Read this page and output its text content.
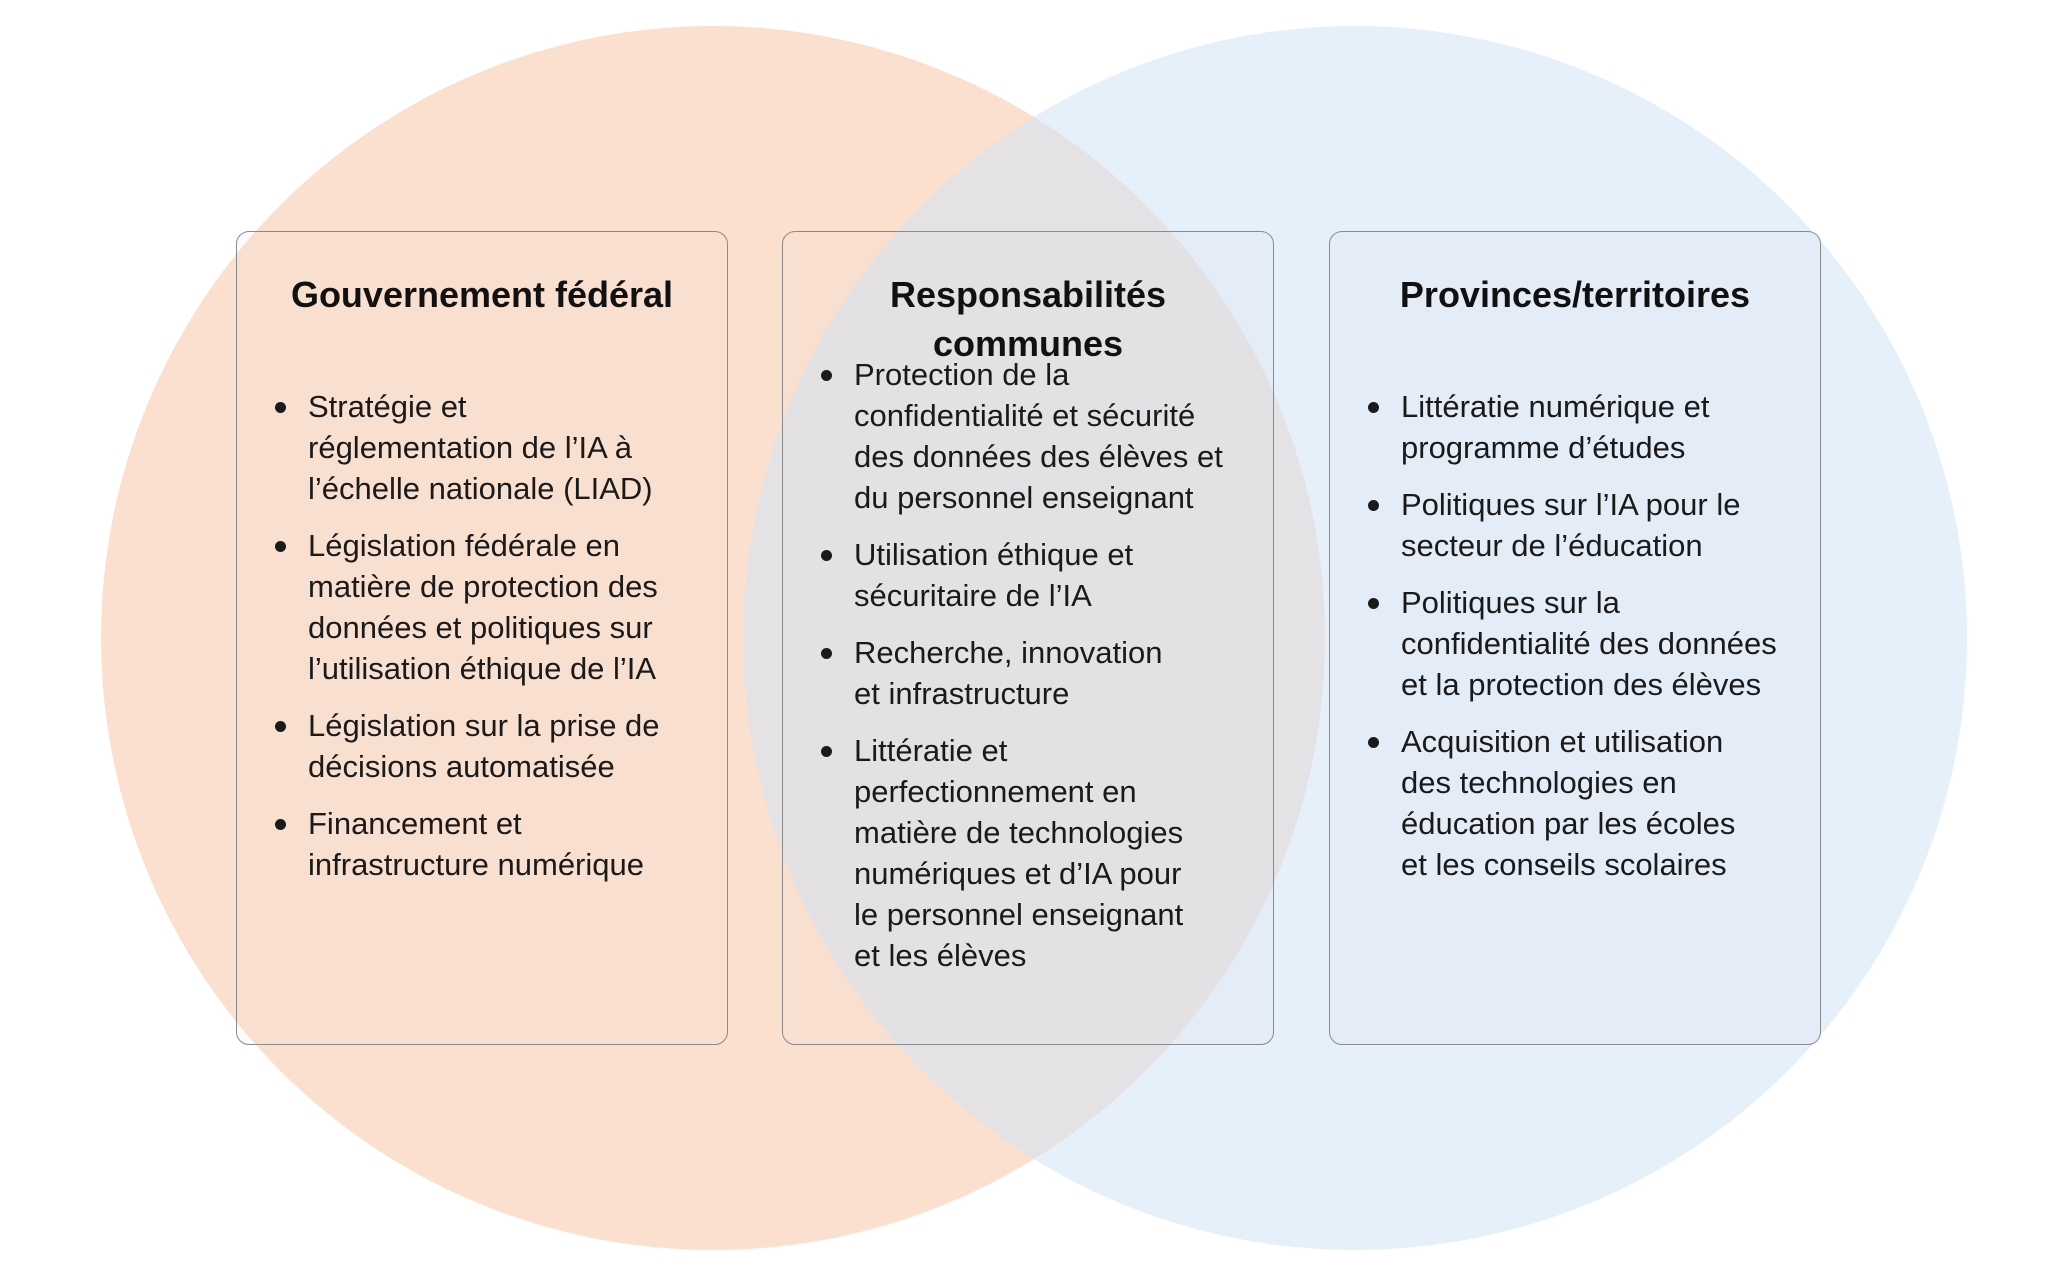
Gouvernement fédéral
Stratégie et
réglementation de l’IA à
l’échelle nationale (LIAD)
Législation fédérale en
matière de protection des
données et politiques sur
l’utilisation éthique de l’IA
Législation sur la prise de
décisions automatisée
Financement et
infrastructure numérique
Responsabilités
communes
Protection de la
confidentialité et sécurité
des données des élèves et
du personnel enseignant
Utilisation éthique et
sécuritaire de l’IA
Recherche, innovation
et infrastructure
Littératie et
perfectionnement en
matière de technologies
numériques et d’IA pour
le personnel enseignant
et les élèves
Provinces/territoires
Littératie numérique et
programme d’études
Politiques sur l’IA pour le
secteur de l’éducation
Politiques sur la
confidentialité des données
et la protection des élèves
Acquisition et utilisation
des technologies en
éducation par les écoles
et les conseils scolaires
